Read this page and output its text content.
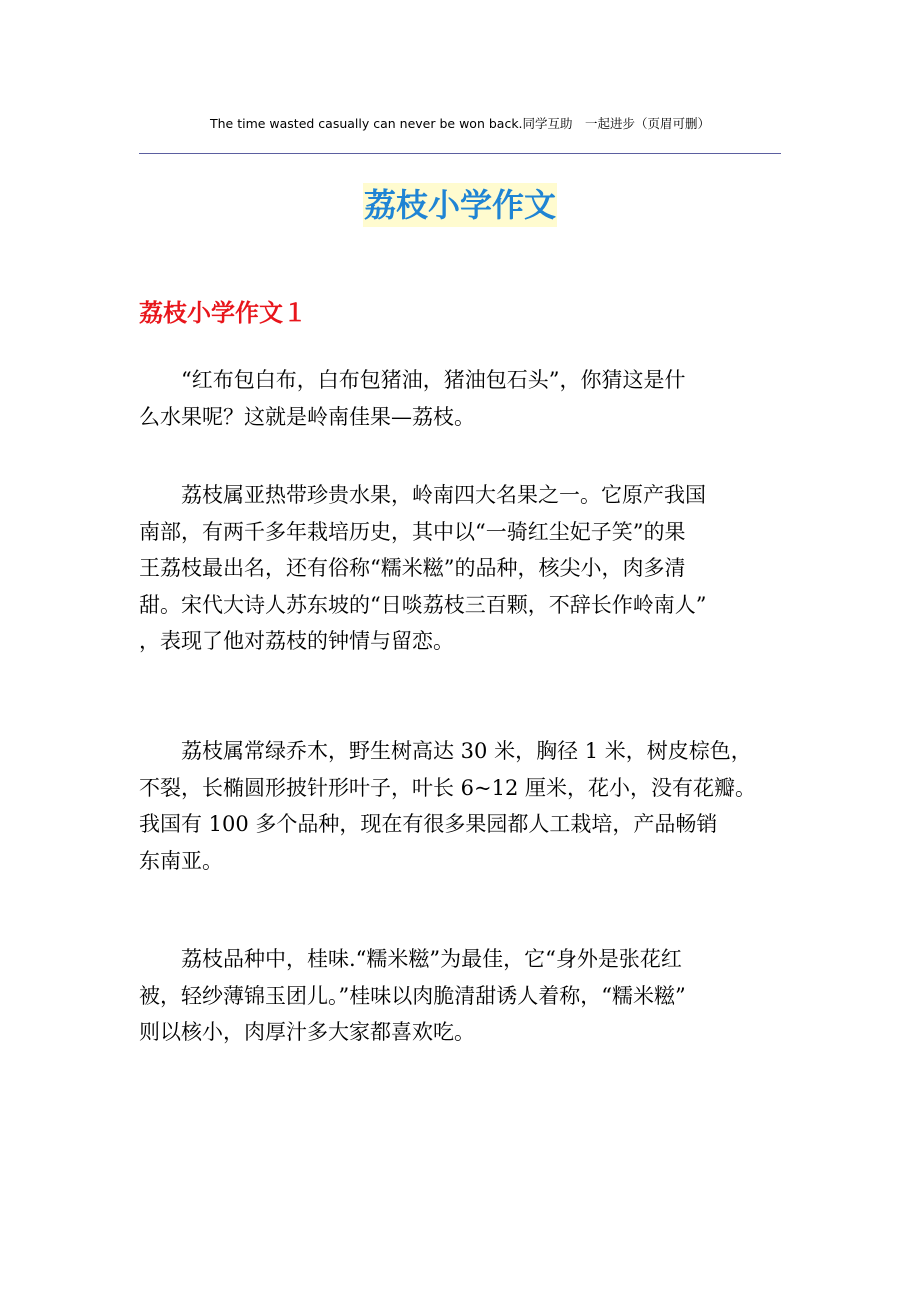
The time wasted casually can never be won back.同学互助　一起进步（页眉可删）
荔枝小学作文
荔枝小学作文１
　　“红布包白布，白布包猪油，猪油包石头”，你猜这是什
么水果呢？这就是岭南佳果—荔枝。
　　荔枝属亚热带珍贵水果，岭南四大名果之一。它原产我国
南部，有两千多年栽培历史，其中以“一骑红尘妃子笑”的果
王荔枝最出名，还有俗称“糯米糍”的品种，核尖小，肉多清
甜。宋代大诗人苏东坡的“日啖荔枝三百颗，不辞长作岭南人”
，表现了他对荔枝的钟情与留恋。
　　荔枝属常绿乔木，野生树高达 30 米，胸径 1 米，树皮棕色，
不裂，长椭圆形披针形叶子，叶长 6~12 厘米，花小，没有花瓣。
我国有 100 多个品种，现在有很多果园都人工栽培，产品畅销
东南亚。
　　荔枝品种中，桂味.“糯米糍”为最佳，它“身外是张花红
被，轻纱薄锦玉团儿。”桂味以肉脆清甜诱人着称，“糯米糍”
则以核小，肉厚汁多大家都喜欢吃。
